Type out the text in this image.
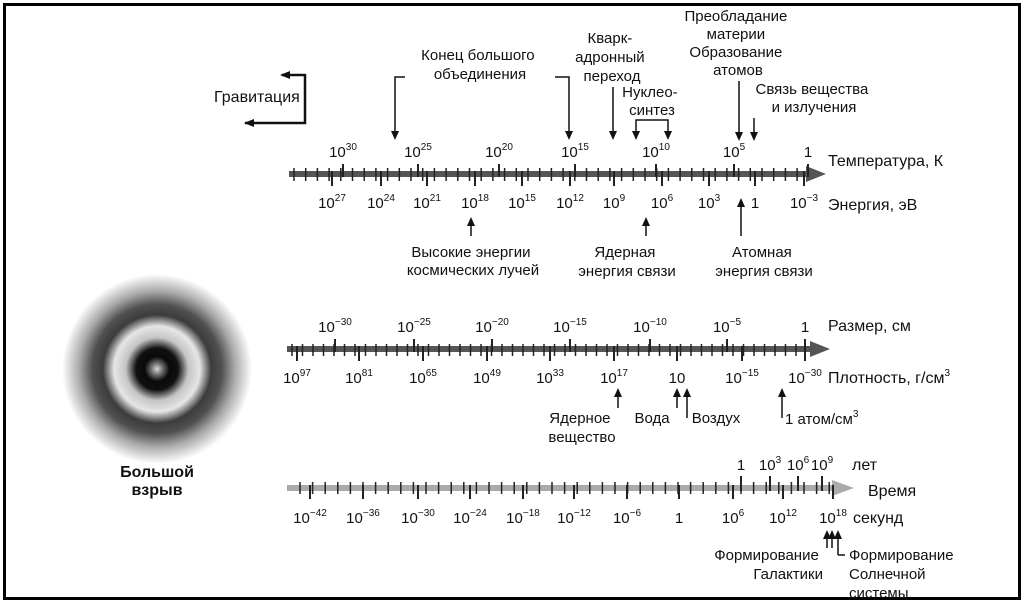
Гравитация
Температура, К
Энергия, эВ
Размер, см
Плотность, $г/см^3$
лет
Время
секунд
$10^{30}$	$10^{25}$	$10^{20}$	$10^{15}$	$10^{10}$	$10^5$	1
$10^{27}$ $10^{24}$ $10^{21}$ $10^{18}$ $10^{15}$ $10^{12}$ $10^9$ $10^6$ $10^3$ 1 $10^{-3}$
$10^{-30}$	$10^{-25}$	$10^{-20}$	$10^{-15}$	$10^{-10}$	$10^{-5}$	1
$10^{97}$ $10^{81}$ $10^{65}$ $10^{49}$ $10^{33}$ $10^{17}$	10	$10^{-15}$ $10^{-30}$
1 $10^3$ $10^6$ $10^9$
$10^{-42}$ $10^{-36}$ $10^{-30}$ $10^{-24}$ $10^{-18}$ $10^{-12}$ $10^{-6}$ 1	$10^6$ $10^{12}$ $10^{18}$
Конец большого объединения
Кварк- адронный переход
Нуклео- синтез
Преобладание материи Образование атомов
Связь вещества и излучения
Высокие энергии космических лучей
Ядерная энергия связи
Атомная энергия связи
Ядерное вещество
Вода Воздух	1 атом/$см^3$
Формирование Галактики
Формирование Солнечной системы
Большой
взрыв
